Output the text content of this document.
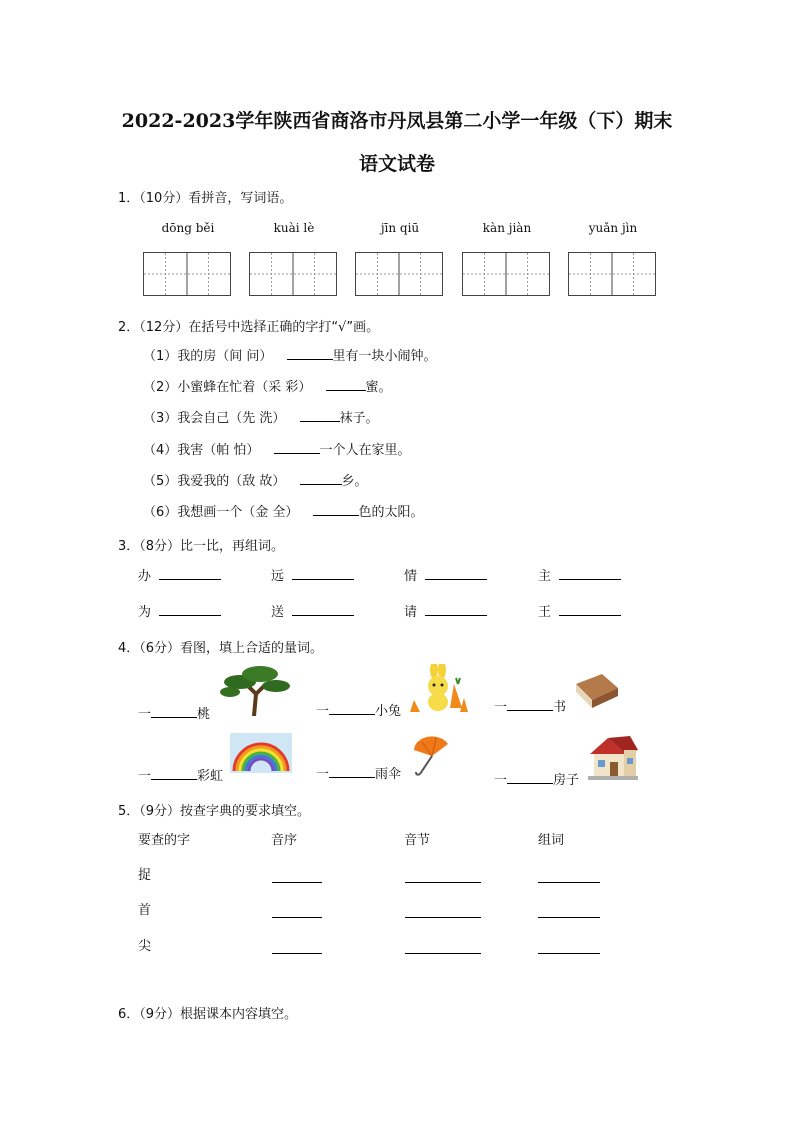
2022-2023学年陕西省商洛市丹凤县第二小学一年级（下）期末
语文试卷
1．（10分）看拼音，写词语。
dōng běi	kuài lè	jīn qiū	kàn jiàn	yuǎn jìn
2．（12分）在括号中选择正确的字打“√”画。
（1）我的房（间 问）	里有一块小闹钟。
（2）小蜜蜂在忙着（采 彩）	蜜。
（3）我会自己（先 洗）	袜子。
（4）我害（帕 怕）	一个人在家里。
（5）我爱我的（敌 故）	乡。
（6）我想画一个（金 全）	色的太阳。
3．（8分）比一比，再组词。
办	远	情	主
为	送	请	王
4．（6分）看图，填上合适的量词。
一	桃	一	小兔	一	书
一	彩虹	一	雨伞	一	房子
5．（9分）按查字典的要求填空。
要查的字	音序	音节	组词
捉
首
尖
6．（9分）根据课本内容填空。
